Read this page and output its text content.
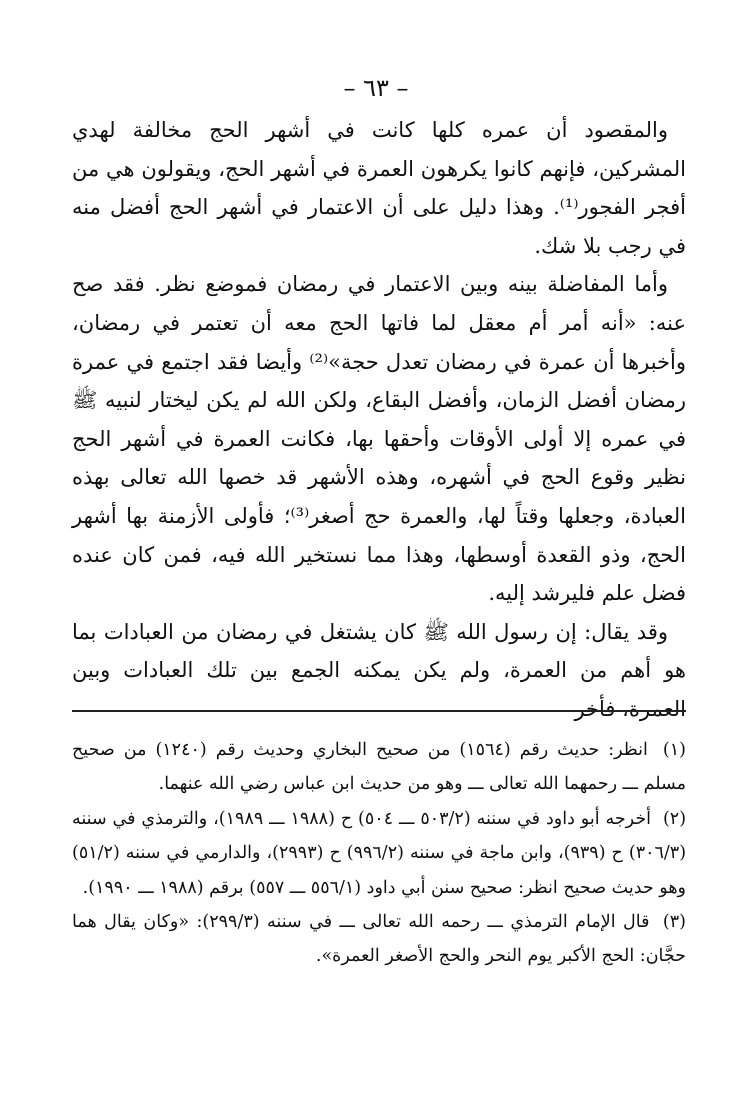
– ٦٣ –

والمقصود أن عمره كلها كانت في أشهر الحج مخالفة لهدي المشركين، فإنهم كانوا يكرهون العمرة في أشهر الحج، ويقولون هي من أفجر الفجور⁽¹⁾. وهذا دليل على أن الاعتمار في أشهر الحج أفضل منه في رجب بلا شك.

وأما المفاضلة بينه وبين الاعتمار في رمضان فموضع نظر. فقد صح عنه: «أنه أمر أم معقل لما فاتها الحج معه أن تعتمر في رمضان، وأخبرها أن عمرة في رمضان تعدل حجة»⁽²⁾ وأيضا فقد اجتمع في عمرة رمضان أفضل الزمان، وأفضل البقاع، ولكن الله لم يكن ليختار لنبيه ﷺ في عمره إلا أولى الأوقات وأحقها بها، فكانت العمرة في أشهر الحج نظير وقوع الحج في أشهره، وهذه الأشهر قد خصها الله تعالى بهذه العبادة، وجعلها وقتاً لها، والعمرة حج أصغر⁽³⁾؛ فأولى الأزمنة بها أشهر الحج، وذو القعدة أوسطها، وهذا مما نستخير الله فيه، فمن كان عنده فضل علم فليرشد إليه.

وقد يقال: إن رسول الله ﷺ كان يشتغل في رمضان من العبادات بما هو أهم من العمرة، ولم يكن يمكنه الجمع بين تلك العبادات وبين العمرة، فأخر

(١) انظر: حديث رقم (١٥٦٤) من صحيح البخاري وحديث رقم (١٢٤٠) من صحيح مسلم ـــ رحمهما الله تعالى ـــ وهو من حديث ابن عباس رضي الله عنهما.

(٢) أخرجه أبو داود في سننه (٥٠٣/٢ ـــ ٥٠٤) ح (١٩٨٨ ـــ ١٩٨٩)، والترمذي في سننه (٣٠٦/٣) ح (٩٣٩)، وابن ماجة في سننه (٩٩٦/٢) ح (٢٩٩٣)، والدارمي في سننه (٥١/٢) وهو حديث صحيح انظر: صحيح سنن أبي داود (٥٥٦/١ ـــ ٥٥٧) برقم (١٩٨٨ ـــ ١٩٩٠).

(٣) قال الإمام الترمذي ـــ رحمه الله تعالى ـــ في سننه (٢٩٩/٣): «وكان يقال هما حجَّان: الحج الأكبر يوم النحر والحج الأصغر العمرة».
